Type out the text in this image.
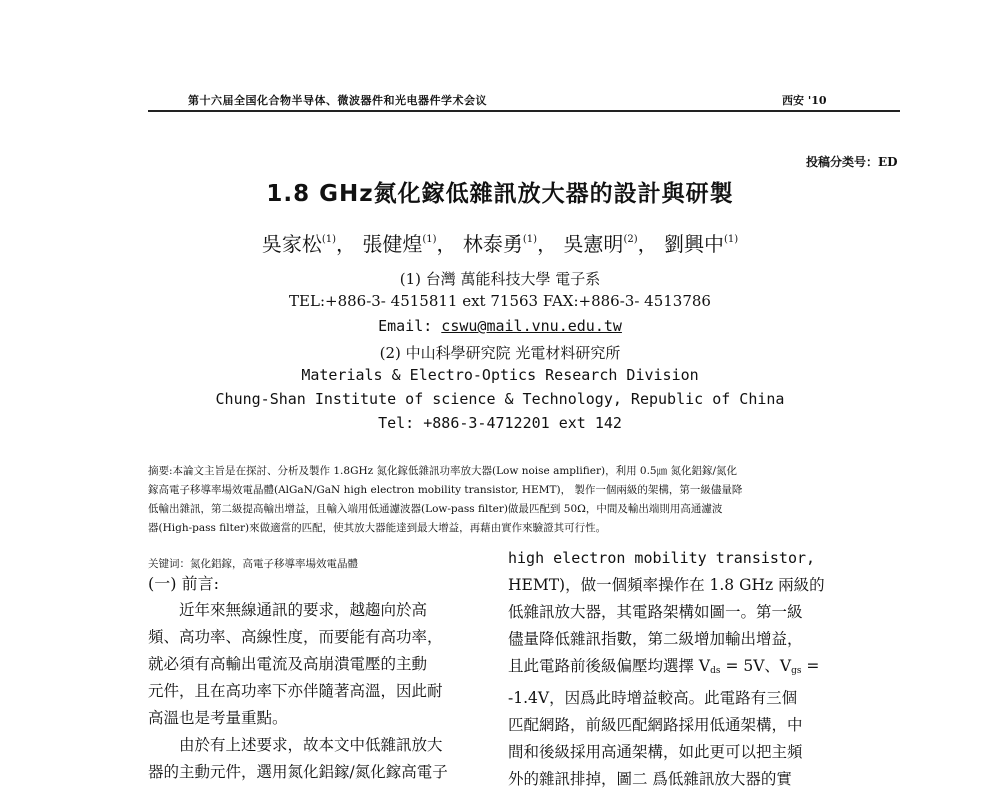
第十六届全国化合物半导体、微波器件和光电器件学术会议	西安 '10
投稿分类号：ED
1.8 GHz氮化鎵低雜訊放大器的設計與研製
吳家松$^{(1)}$， 張健煌$^{(1)}$， 林泰勇$^{(1)}$， 吳憲明$^{(2)}$， 劉興中$^{(1)}$
(1) 台灣 萬能科技大學 電子系
TEL:+886-3- 4515811 ext 71563 FAX:+886-3- 4513786
Email: cswu@mail.vnu.edu.tw
(2) 中山科學研究院 光電材料研究所
Materials & Electro-Optics Research Division
Chung-Shan Institute of science & Technology, Republic of China
Tel: +886-3-4712201 ext 142
摘要:本論文主旨是在探討、分析及製作 1.8GHz 氮化鎵低雜訊功率放大器(Low noise amplifier)，利用 0.5㎛ 氮化鋁鎵/氮化
鎵高電子移導率場效電晶體(AlGaN/GaN high electron mobility transistor, HEMT)， 製作一個兩級的架構，第一級儘量降
低輸出雜訊，第二級提高輸出增益，且輸入端用低通濾波器(Low-pass filter)做最匹配到 50Ω，中間及輸出端則用高通濾波
器(High-pass filter)來做適當的匹配，使其放大器能達到最大增益，再藉由實作來驗證其可行性。
关键词：氮化鋁鎵，高電子移導率場效電晶體
(一) 前言:
　　近年來無線通訊的要求，越趨向於高
頻、高功率、高線性度，而要能有高功率，
就必須有高輸出電流及高崩潰電壓的主動
元件，且在高功率下亦伴隨著高溫，因此耐
高溫也是考量重點。
　　由於有上述要求，故本文中低雜訊放大
器的主動元件，選用氮化鋁鎵/氮化鎵高電子
high electron mobility transistor,
HEMT)，做一個頻率操作在 1.8 GHz 兩級的
低雜訊放大器，其電路架構如圖一。第一級
儘量降低雜訊指數，第二級增加輸出增益，
且此電路前後級偏壓均選擇 $V_{ds} = 5V$、$V_{gs}$ =
-1.4V，因爲此時增益較高。此電路有三個
匹配網路，前級匹配網路採用低通架構，中
間和後級採用高通架構，如此更可以把主頻
外的雜訊排掉，圖二 爲低雜訊放大器的實
